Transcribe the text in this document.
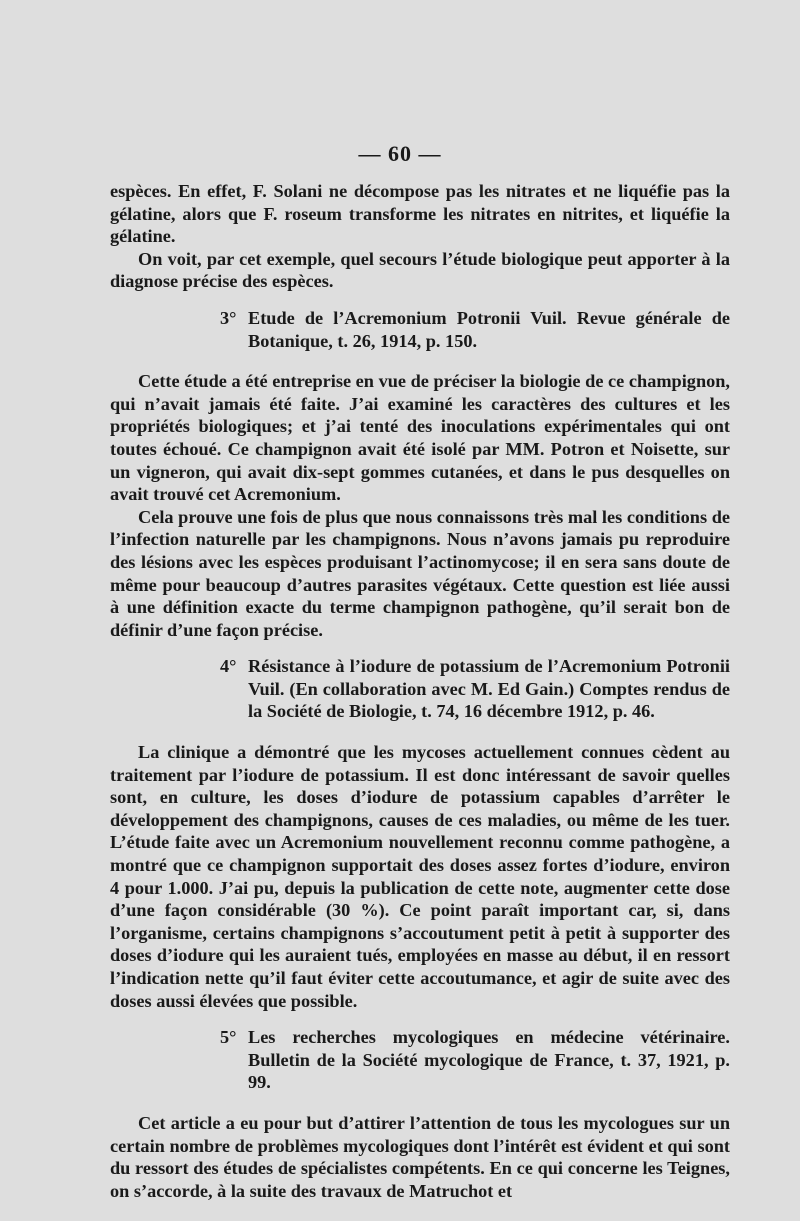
— 60 —

espèces. En effet, F. Solani ne décompose pas les nitrates et ne liquéfie pas la gélatine, alors que F. roseum transforme les nitrates en nitrites, et liquéfie la gélatine.

On voit, par cet exemple, quel secours l’étude biologique peut apporter à la diagnose précise des espèces.

3° Etude de l’Acremonium Potronii Vuil. Revue générale de Botanique, t. 26, 1914, p. 150.

Cette étude a été entreprise en vue de préciser la biologie de ce champignon, qui n’avait jamais été faite. J’ai examiné les caractères des cultures et les propriétés biologiques; et j’ai tenté des inoculations expérimentales qui ont toutes échoué. Ce champignon avait été isolé par MM. Potron et Noisette, sur un vigneron, qui avait dix-sept gommes cutanées, et dans le pus desquelles on avait trouvé cet Acremonium.

Cela prouve une fois de plus que nous connaissons très mal les conditions de l’infection naturelle par les champignons. Nous n’avons jamais pu reproduire des lésions avec les espèces produisant l’actinomycose; il en sera sans doute de même pour beaucoup d’autres parasites végétaux. Cette question est liée aussi à une définition exacte du terme champignon pathogène, qu’il serait bon de définir d’une façon précise.

4° Résistance à l’iodure de potassium de l’Acremonium Potronii Vuil. (En collaboration avec M. Ed Gain.) Comptes rendus de la Société de Biologie, t. 74, 16 décembre 1912, p. 46.

La clinique a démontré que les mycoses actuellement connues cèdent au traitement par l’iodure de potassium. Il est donc intéressant de savoir quelles sont, en culture, les doses d’iodure de potassium capables d’arrêter le développement des champignons, causes de ces maladies, ou même de les tuer. L’étude faite avec un Acremonium nouvellement reconnu comme pathogène, a montré que ce champignon supportait des doses assez fortes d’iodure, environ 4 pour 1.000. J’ai pu, depuis la publication de cette note, augmenter cette dose d’une façon considérable (30 %). Ce point paraît important car, si, dans l’organisme, certains champignons s’accoutument petit à petit à supporter des doses d’iodure qui les auraient tués, employées en masse au début, il en ressort l’indication nette qu’il faut éviter cette accoutumance, et agir de suite avec des doses aussi élevées que possible.

5° Les recherches mycologiques en médecine vétérinaire. Bulletin de la Société mycologique de France, t. 37, 1921, p. 99.

Cet article a eu pour but d’attirer l’attention de tous les mycologues sur un certain nombre de problèmes mycologiques dont l’intérêt est évident et qui sont du ressort des études de spécialistes compétents. En ce qui concerne les Teignes, on s’accorde, à la suite des travaux de Matruchot et
